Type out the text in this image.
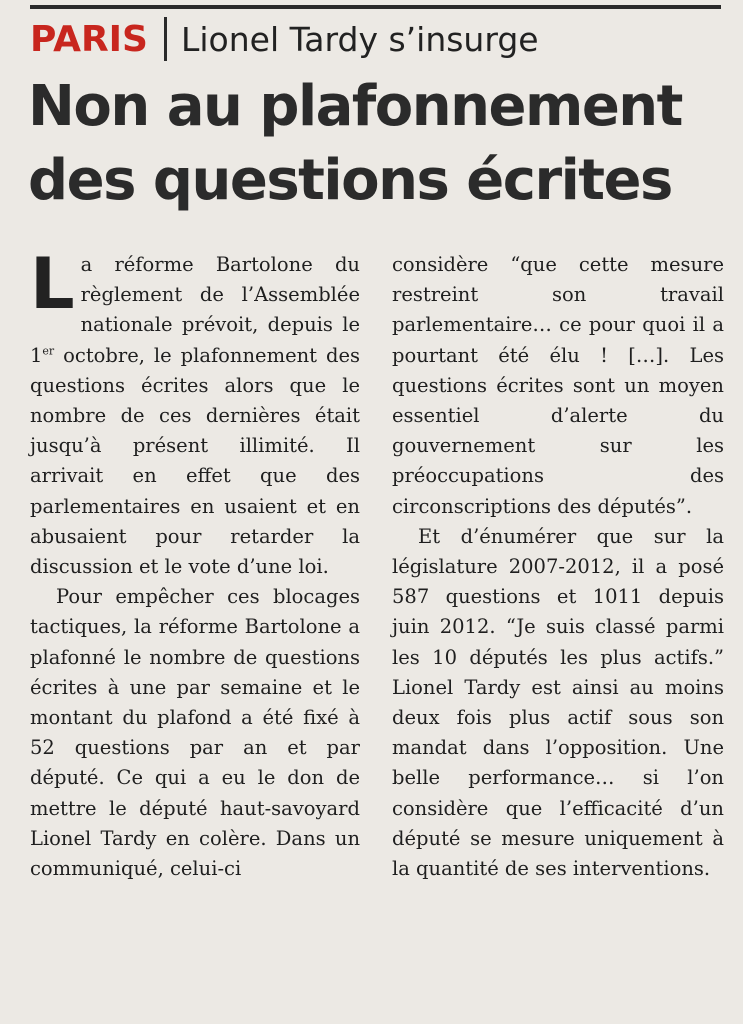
PARIS Lionel Tardy s’insurge
Non au plafonnement
des questions écrites

La réforme Bartolone du règlement de l’Assemblée nationale prévoit, depuis le 1er octobre, le plafonnement des questions écrites alors que le nombre de ces dernières était jusqu’à présent illimité. Il arrivait en effet que des parlementaires en usaient et en abusaient pour retarder la discussion et le vote d’une loi.

Pour empêcher ces blocages tactiques, la réforme Bartolone a plafonné le nombre de questions écrites à une par semaine et le montant du plafond a été fixé à 52 questions par an et par député. Ce qui a eu le don de mettre le député haut-savoyard Lionel Tardy en colère. Dans un communiqué, celui-ci

considère “que cette mesure restreint son travail parlementaire… ce pour quoi il a pourtant été élu ! […]. Les questions écrites sont un moyen essentiel d’alerte du gouvernement sur les préoccupations des circonscriptions des députés”.

Et d’énumérer que sur la législature 2007-2012, il a posé 587 questions et 1011 depuis juin 2012. “Je suis classé parmi les 10 députés les plus actifs.” Lionel Tardy est ainsi au moins deux fois plus actif sous son mandat dans l’opposition. Une belle performance… si l’on considère que l’efficacité d’un député se mesure uniquement à la quantité de ses interventions.
